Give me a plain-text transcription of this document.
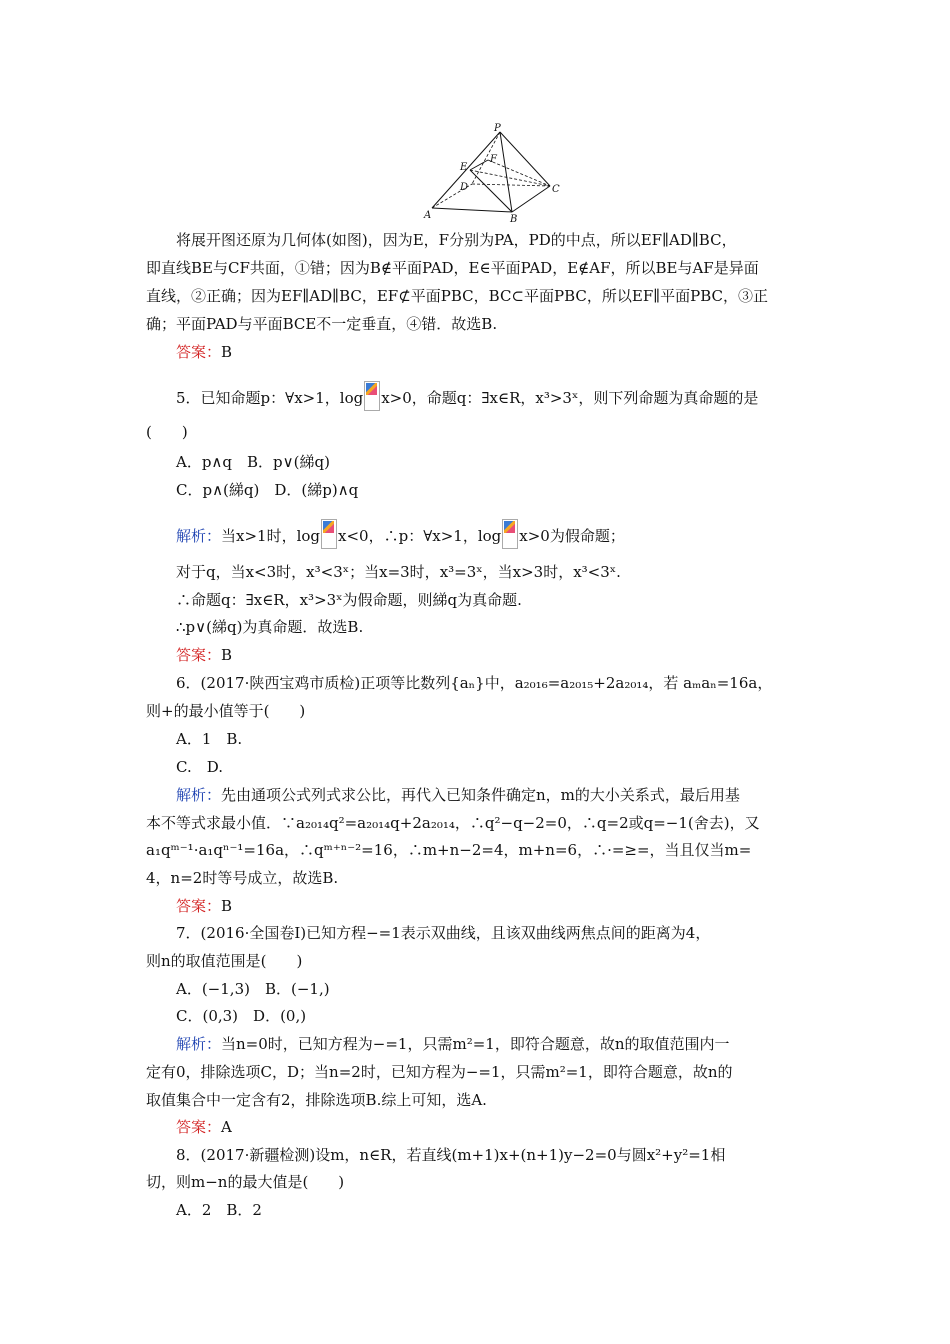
P
E
F
D	C
A	B
将展开图还原为几何体(如图)，因为E，F分别为PA，PD的中点，所以EF∥AD∥BC，
即直线BE与CF共面，①错；因为B∉平面PAD，E∈平面PAD，E∉AF，所以BE与AF是异面
直线，②正确；因为EF∥AD∥BC，EF⊄平面PBC，BC⊂平面PBC，所以EF∥平面PBC，③正
确；平面PAD与平面BCE不一定垂直，④错．故选B.
答案：B
5．已知命题p：∀x>1，log x>0，命题q：∃x∈R，x³>3ˣ，则下列命题为真命题的是
(　　)
A．p∧q　B．p∨(綈q)
C．p∧(綈q)　D．(綈p)∧q
解析：当x>1时，log x<0，∴p：∀x>1，log x>0为假命题；
对于q，当x<3时，x³<3ˣ；当x=3时，x³=3ˣ，当x>3时，x³<3ˣ.
∴命题q：∃x∈R，x³>3ˣ为假命题，则綈q为真命题.
∴p∨(綈q)为真命题．故选B.
答案：B
6．(2017·陕西宝鸡市质检)正项等比数列{aₙ}中，a₂₀₁₆=a₂₀₁₅+2a₂₀₁₄，若 aₘaₙ=16a，
则+的最小值等于(　　)
A．1　B.
C.　D.
解析：先由通项公式列式求公比，再代入已知条件确定n，m的大小关系式，最后用基
本不等式求最小值．∵a₂₀₁₄q²=a₂₀₁₄q+2a₂₀₁₄，∴q²−q−2=0，∴q=2或q=−1(舍去)，又
a₁qᵐ⁻¹·a₁qⁿ⁻¹=16a，∴qᵐ⁺ⁿ⁻²=16，∴m+n−2=4，m+n=6，∴·=≥=，当且仅当m=
4，n=2时等号成立，故选B.
答案：B
7．(2016·全国卷Ⅰ)已知方程−=1表示双曲线，且该双曲线两焦点间的距离为4，
则n的取值范围是(　　)
A．(−1,3)　B．(−1,)
C．(0,3)　D．(0,)
解析：当n=0时，已知方程为−=1，只需m²=1，即符合题意，故n的取值范围内一
定有0，排除选项C，D；当n=2时，已知方程为−=1，只需m²=1，即符合题意，故n的
取值集合中一定含有2，排除选项B.综上可知，选A.
答案：A
8．(2017·新疆检测)设m，n∈R，若直线(m+1)x+(n+1)y−2=0与圆x²+y²=1相
切，则m−n的最大值是(　　)
A．2　B．2
